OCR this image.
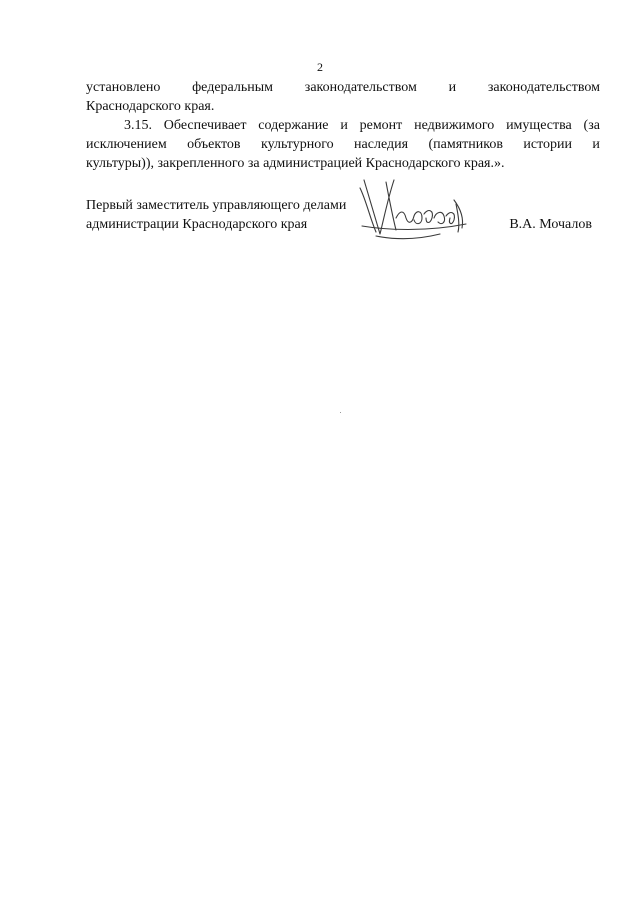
2
установлено федеральным законодательством и законодательством
Краснодарского края.
3.15. Обеспечивает содержание и ремонт недвижимого имущества (за
исключением объектов культурного наследия (памятников истории и
культуры)), закрепленного за администрацией Краснодарского края.».
Первый заместитель управляющего делами
администрации Краснодарского края	В.А. Мочалов
